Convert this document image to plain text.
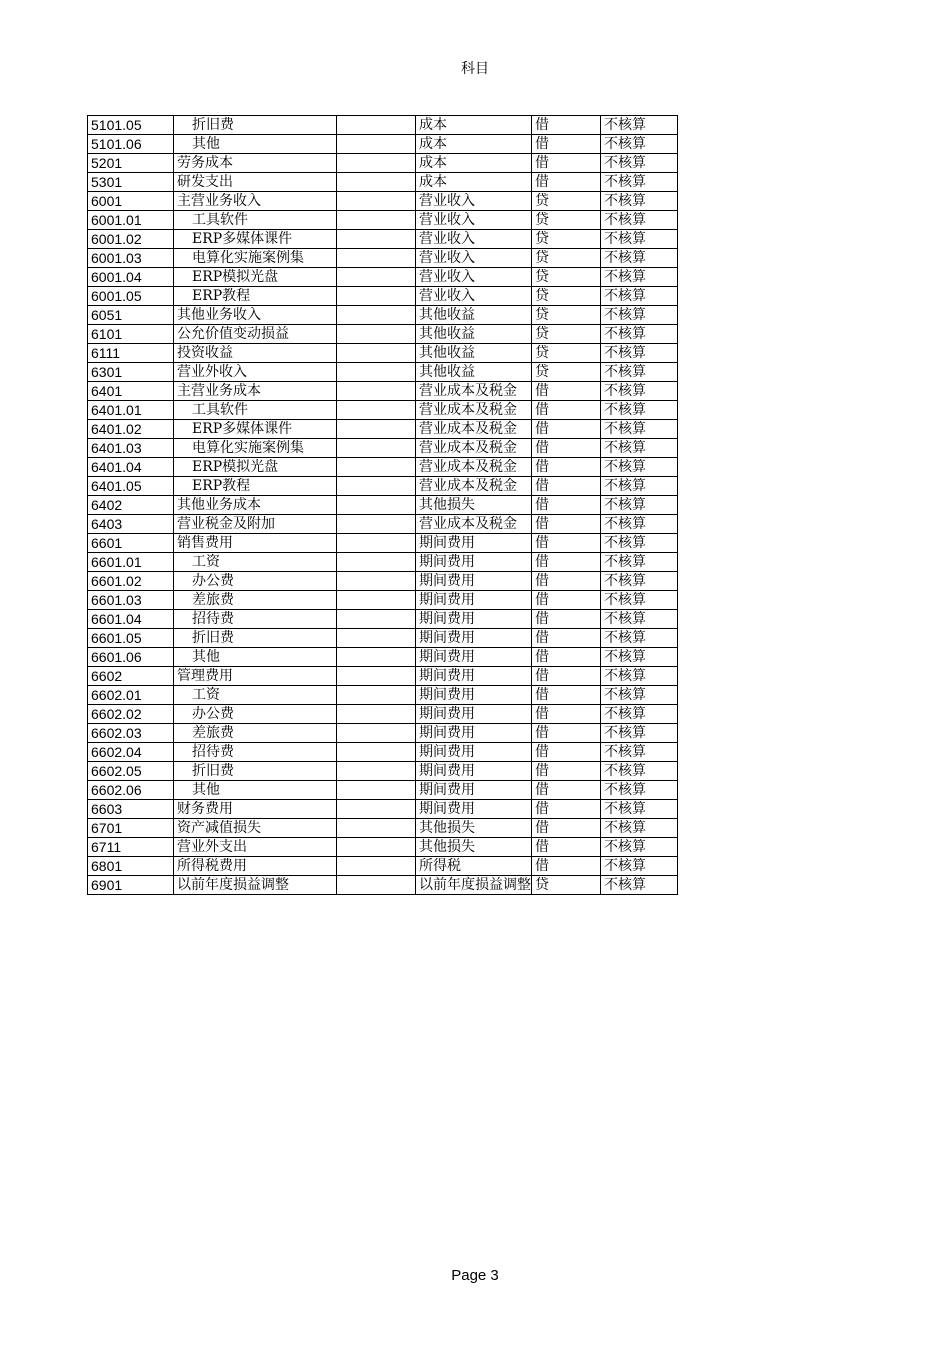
科目
5101.05	折旧费		成本	借	不核算
5101.06	其他		成本	借	不核算
5201	劳务成本		成本	借	不核算
5301	研发支出		成本	借	不核算
6001	主营业务收入		营业收入	贷	不核算
6001.01	工具软件		营业收入	贷	不核算
6001.02	ERP多媒体课件		营业收入	贷	不核算
6001.03	电算化实施案例集		营业收入	贷	不核算
6001.04	ERP模拟光盘		营业收入	贷	不核算
6001.05	ERP教程		营业收入	贷	不核算
6051	其他业务收入		其他收益	贷	不核算
6101	公允价值变动损益		其他收益	贷	不核算
6111	投资收益		其他收益	贷	不核算
6301	营业外收入		其他收益	贷	不核算
6401	主营业务成本		营业成本及税金	借	不核算
6401.01	工具软件		营业成本及税金	借	不核算
6401.02	ERP多媒体课件		营业成本及税金	借	不核算
6401.03	电算化实施案例集		营业成本及税金	借	不核算
6401.04	ERP模拟光盘		营业成本及税金	借	不核算
6401.05	ERP教程		营业成本及税金	借	不核算
6402	其他业务成本		其他损失	借	不核算
6403	营业税金及附加		营业成本及税金	借	不核算
6601	销售费用		期间费用	借	不核算
6601.01	工资		期间费用	借	不核算
6601.02	办公费		期间费用	借	不核算
6601.03	差旅费		期间费用	借	不核算
6601.04	招待费		期间费用	借	不核算
6601.05	折旧费		期间费用	借	不核算
6601.06	其他		期间费用	借	不核算
6602	管理费用		期间费用	借	不核算
6602.01	工资		期间费用	借	不核算
6602.02	办公费		期间费用	借	不核算
6602.03	差旅费		期间费用	借	不核算
6602.04	招待费		期间费用	借	不核算
6602.05	折旧费		期间费用	借	不核算
6602.06	其他		期间费用	借	不核算
6603	财务费用		期间费用	借	不核算
6701	资产减值损失		其他损失	借	不核算
6711	营业外支出		其他损失	借	不核算
6801	所得税费用		所得税	借	不核算
6901	以前年度损益调整		以前年度损益调整	贷	不核算
Page 3
